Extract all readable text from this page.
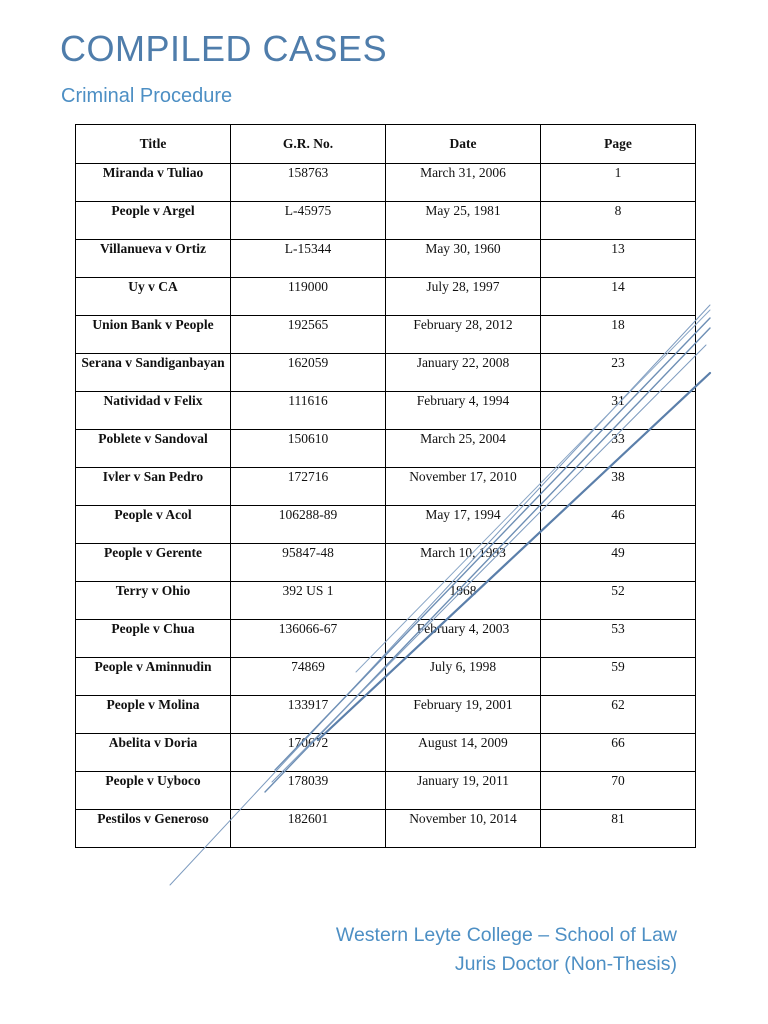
COMPILED CASES
Criminal Procedure
Title	G.R. No.	Date	Page
Miranda v Tuliao	158763	March 31, 2006	1
People v Argel	L-45975	May 25, 1981	8
Villanueva v Ortiz	L-15344	May 30, 1960	13
Uy v CA	119000	July 28, 1997	14
Union Bank v People	192565	February 28, 2012	18
Serana v Sandiganbayan	162059	January 22, 2008	23
Natividad v Felix	111616	February 4, 1994	31
Poblete v Sandoval	150610	March 25, 2004	33
Ivler v San Pedro	172716	November 17, 2010	38
People v Acol	106288-89	May 17, 1994	46
People v Gerente	95847-48	March 10, 1993	49
Terry v Ohio	392 US 1	1968	52
People v Chua	136066-67	February 4, 2003	53
People v Aminnudin	74869	July 6, 1998	59
People v Molina	133917	February 19, 2001	62
Abelita v Doria	170672	August 14, 2009	66
People v Uyboco	178039	January 19, 2011	70
Pestilos v Generoso	182601	November 10, 2014	81
Western Leyte College – School of Law
Juris Doctor (Non-Thesis)
